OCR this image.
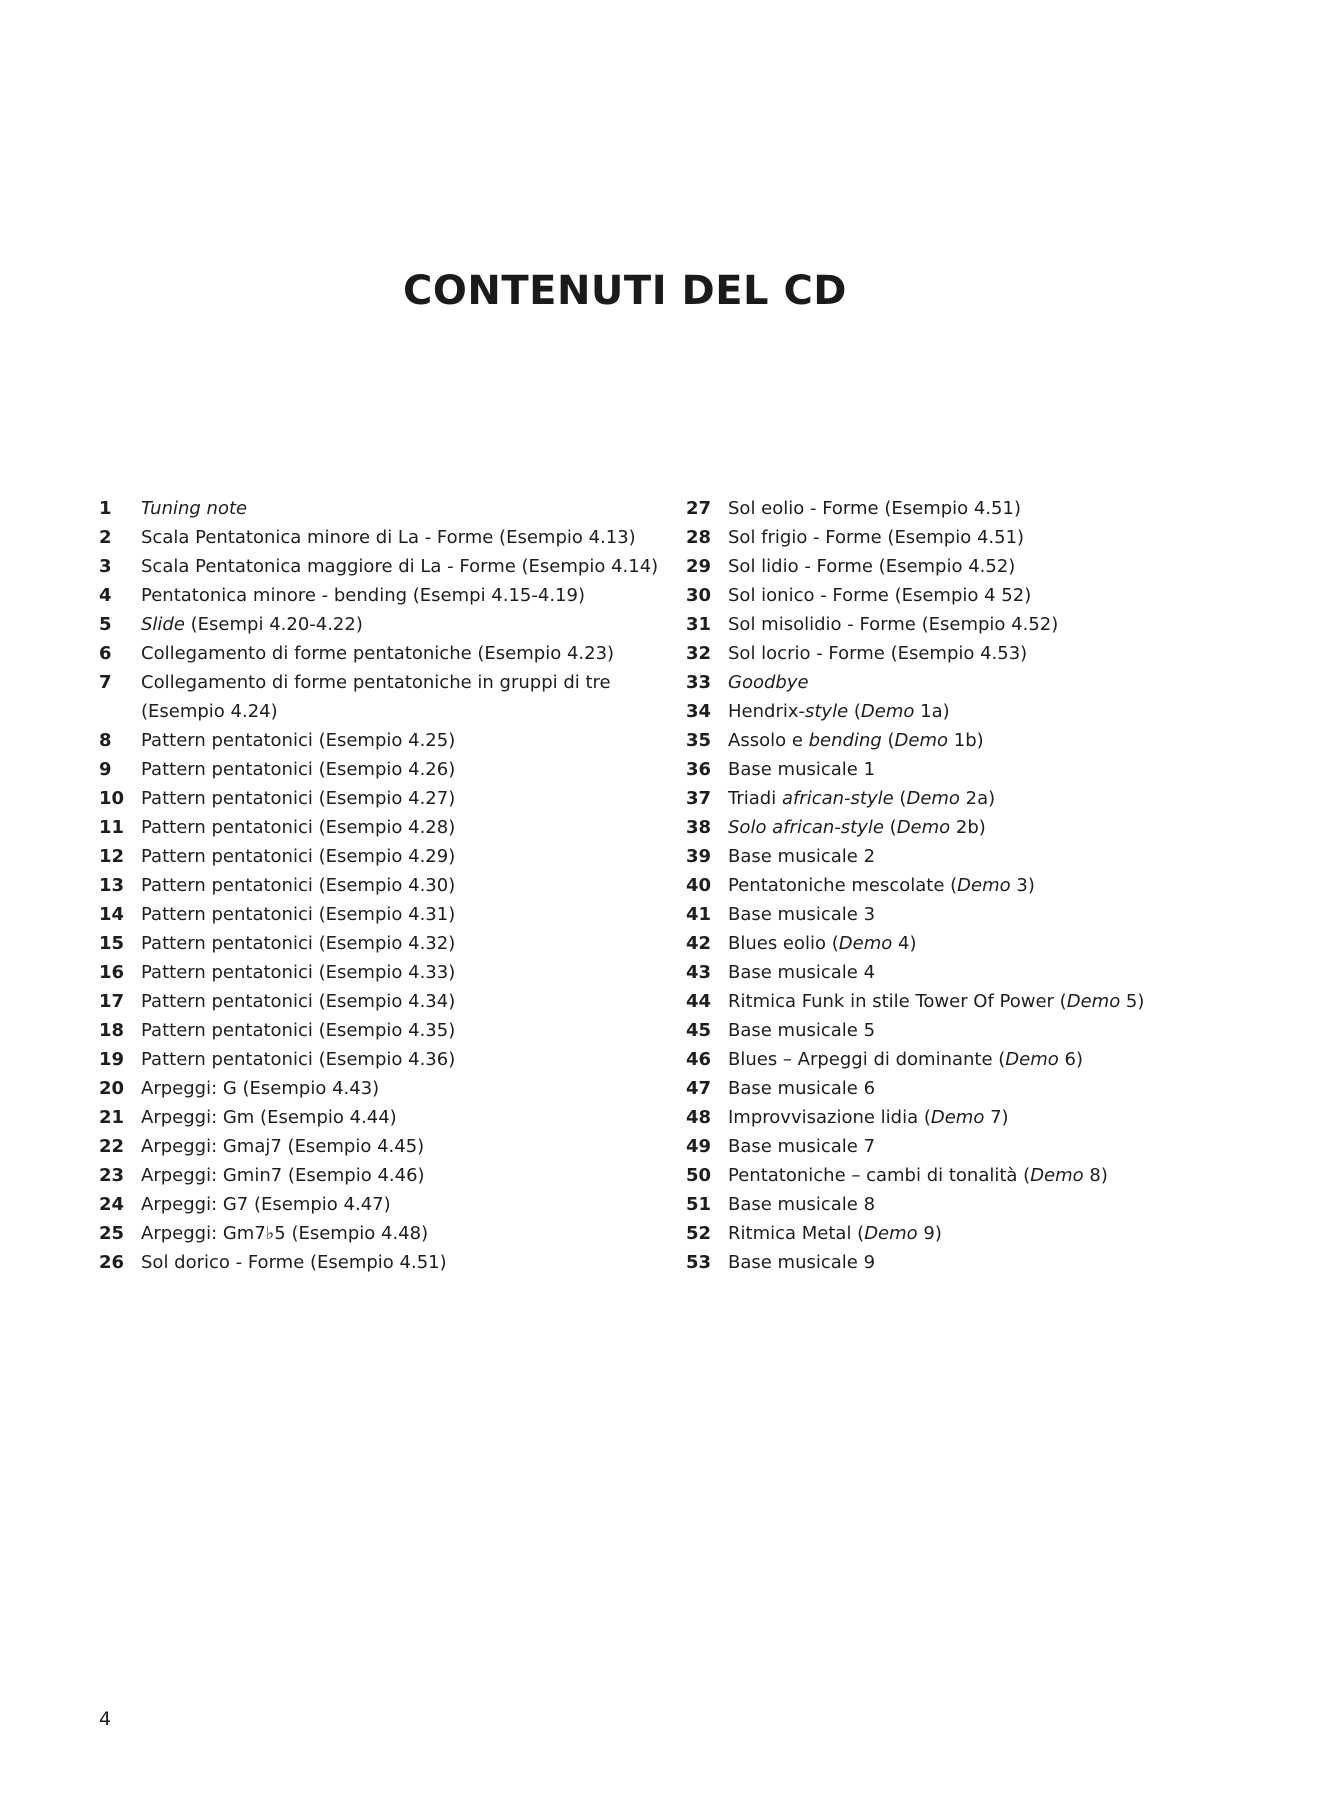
CONTENUTI DEL CD
1	Tuning note
2	Scala Pentatonica minore di La - Forme (Esempio 4.13)
3	Scala Pentatonica maggiore di La - Forme (Esempio 4.14)
4	Pentatonica minore - bending (Esempi 4.15-4.19)
5	Slide (Esempi 4.20-4.22)
6	Collegamento di forme pentatoniche (Esempio 4.23)
7	Collegamento di forme pentatoniche in gruppi di tre (Esempio 4.24)
8	Pattern pentatonici (Esempio 4.25)
9	Pattern pentatonici (Esempio 4.26)
10 Pattern pentatonici (Esempio 4.27)
11 Pattern pentatonici (Esempio 4.28)
12 Pattern pentatonici (Esempio 4.29)
13 Pattern pentatonici (Esempio 4.30)
14 Pattern pentatonici (Esempio 4.31)
15 Pattern pentatonici (Esempio 4.32)
16 Pattern pentatonici (Esempio 4.33)
17 Pattern pentatonici (Esempio 4.34)
18 Pattern pentatonici (Esempio 4.35)
19 Pattern pentatonici (Esempio 4.36)
20 Arpeggi: G (Esempio 4.43)
21 Arpeggi: Gm (Esempio 4.44)
22 Arpeggi: Gmaj7 (Esempio 4.45)
23 Arpeggi: Gmin7 (Esempio 4.46)
24 Arpeggi: G7 (Esempio 4.47)
25 Arpeggi: Gm7♭5 (Esempio 4.48)
26 Sol dorico - Forme (Esempio 4.51)
27 Sol eolio - Forme (Esempio 4.51)
28 Sol frigio - Forme (Esempio 4.51)
29 Sol lidio - Forme (Esempio 4.52)
30 Sol ionico - Forme (Esempio 4 52)
31 Sol misolidio - Forme (Esempio 4.52)
32 Sol locrio - Forme (Esempio 4.53)
33 Goodbye
34 Hendrix-style (Demo 1a)
35 Assolo e bending (Demo 1b)
36 Base musicale 1
37 Triadi african-style (Demo 2a)
38 Solo african-style (Demo 2b)
39 Base musicale 2
40 Pentatoniche mescolate (Demo 3)
41 Base musicale 3
42 Blues eolio (Demo 4)
43 Base musicale 4
44 Ritmica Funk in stile Tower Of Power (Demo 5)
45 Base musicale 5
46 Blues – Arpeggi di dominante (Demo 6)
47 Base musicale 6
48 Improvvisazione lidia (Demo 7)
49 Base musicale 7
50 Pentatoniche – cambi di tonalità (Demo 8)
51 Base musicale 8
52 Ritmica Metal (Demo 9)
53 Base musicale 9

4
